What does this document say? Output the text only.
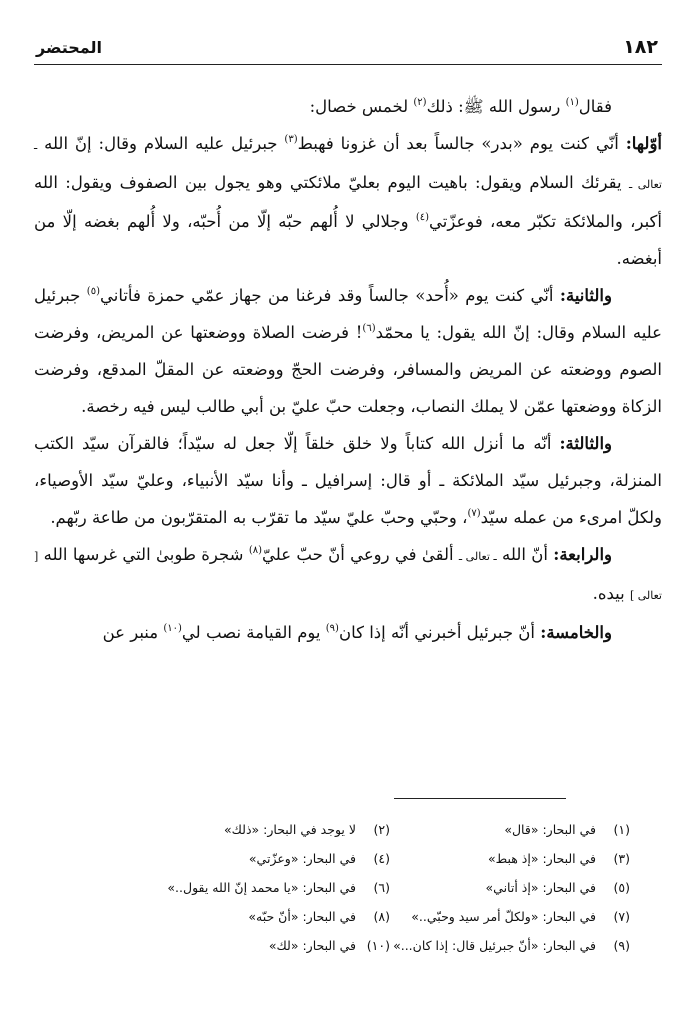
١٨٢
المحتضر

فقال$^{(١)}$ رسول الله ﷺ: ذلك$^{(٢)}$ لخمس خصال:

أوّلها: أنّي كنت يوم «بدر» جالساً بعد أن غزونا فهبط$^{(٣)}$ جبرئيل عليه السلام وقال: إنّ الله ـ تعالى ـ يقرئك السلام ويقول: باهيت اليوم بعليّ ملائكتي وهو يجول بين الصفوف ويقول: الله أكبر، والملائكة تكبّر معه، فوعزّتي$^{(٤)}$ وجلالي لا أُلهم حبّه إلّا من أُحبّه، ولا أُلهم بغضه إلّا من أبغضه.

والثانية: أنّي كنت يوم «أُحد» جالساً وقد فرغنا من جهاز عمّي حمزة فأتاني$^{(٥)}$ جبرئيل عليه السلام وقال: إنّ الله يقول: يا محمّد$^{(٦)}$! فرضت الصلاة ووضعتها عن المريض، وفرضت الصوم ووضعته عن المريض والمسافر، وفرضت الحجّ ووضعته عن المقلّ المدقع، وفرضت الزكاة ووضعتها عمّن لا يملك النصاب، وجعلت حبّ عليّ بن أبي طالب ليس فيه رخصة.

والثالثة: أنّه ما أنزل الله كتاباً ولا خلق خلقاً إلّا جعل له سيّداً؛ فالقرآن سيّد الكتب المنزلة، وجبرئيل سيّد الملائكة ـ أو قال: إسرافيل ـ وأنا سيّد الأنبياء، وعليّ سيّد الأوصياء، ولكلّ امرىء من عمله سيّد$^{(٧)}$، وحبّي وحبّ عليّ سيّد ما تقرّب به المتقرّبون من طاعة ربّهم.

والرابعة: أنّ الله ـ تعالى ـ ألقىٰ في روعي أنّ حبّ عليّ$^{(٨)}$ شجرة طوبىٰ التي غرسها الله [ تعالى ] بيده.

والخامسة: أنّ جبرئيل أخبرني أنّه إذا كان$^{(٩)}$ يوم القيامة نصب لي$^{(١٠)}$ منبر عن

(١) في البحار: «قال»
(٢) لا يوجد في البحار: «ذلك»
(٣) في البحار: «إذ هبط»
(٤) في البحار: «وعزّتي»
(٥) في البحار: «إذ أتاني»
(٦) في البحار: «يا محمد إنّ الله يقول..»
(٧) في البحار: «ولكلّ أمر سيد وحبّي..»
(٨) في البحار: «أنّ حبّه»
(٩) في البحار: «أنّ جبرئيل قال: إذا كان...»
(١٠) في البحار: «لك»
